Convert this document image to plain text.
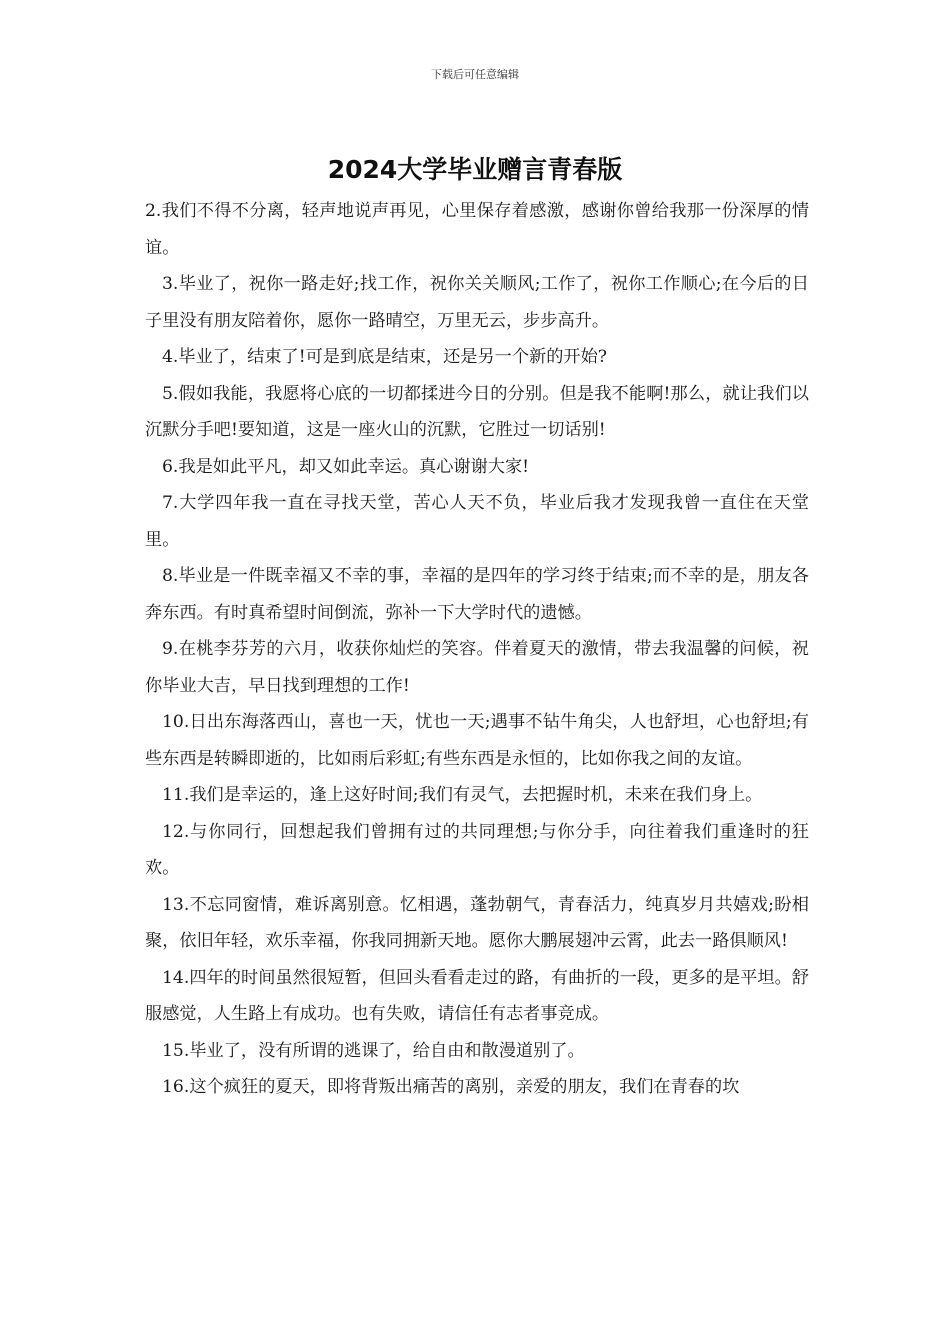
下载后可任意编辑
2024大学毕业赠言青春版

2.我们不得不分离，轻声地说声再见，心里保存着感激，感谢你曾给我那一份深厚的情谊。

3.毕业了，祝你一路走好;找工作，祝你关关顺风;工作了，祝你工作顺心;在今后的日子里没有朋友陪着你，愿你一路晴空，万里无云，步步高升。

4.毕业了，结束了!可是到底是结束，还是另一个新的开始?

5.假如我能，我愿将心底的一切都揉进今日的分别。但是我不能啊!那么，就让我们以沉默分手吧!要知道，这是一座火山的沉默，它胜过一切话别!

6.我是如此平凡，却又如此幸运。真心谢谢大家!

7.大学四年我一直在寻找天堂，苦心人天不负，毕业后我才发现我曾一直住在天堂里。

8.毕业是一件既幸福又不幸的事，幸福的是四年的学习终于结束;而不幸的是，朋友各奔东西。有时真希望时间倒流，弥补一下大学时代的遗憾。

9.在桃李芬芳的六月，收获你灿烂的笑容。伴着夏天的激情，带去我温馨的问候，祝你毕业大吉，早日找到理想的工作!

10.日出东海落西山，喜也一天，忧也一天;遇事不钻牛角尖，人也舒坦，心也舒坦;有些东西是转瞬即逝的，比如雨后彩虹;有些东西是永恒的，比如你我之间的友谊。

11.我们是幸运的，逢上这好时间;我们有灵气，去把握时机，未来在我们身上。

12.与你同行，回想起我们曾拥有过的共同理想;与你分手，向往着我们重逢时的狂欢。

13.不忘同窗情，难诉离别意。忆相遇，蓬勃朝气，青春活力，纯真岁月共嬉戏;盼相聚，依旧年轻，欢乐幸福，你我同拥新天地。愿你大鹏展翅冲云霄，此去一路俱顺风!

14.四年的时间虽然很短暂，但回头看看走过的路，有曲折的一段，更多的是平坦。舒服感觉，人生路上有成功。也有失败，请信任有志者事竞成。

15.毕业了，没有所谓的逃课了，给自由和散漫道别了。

16.这个疯狂的夏天，即将背叛出痛苦的离别，亲爱的朋友，我们在青春的坎
